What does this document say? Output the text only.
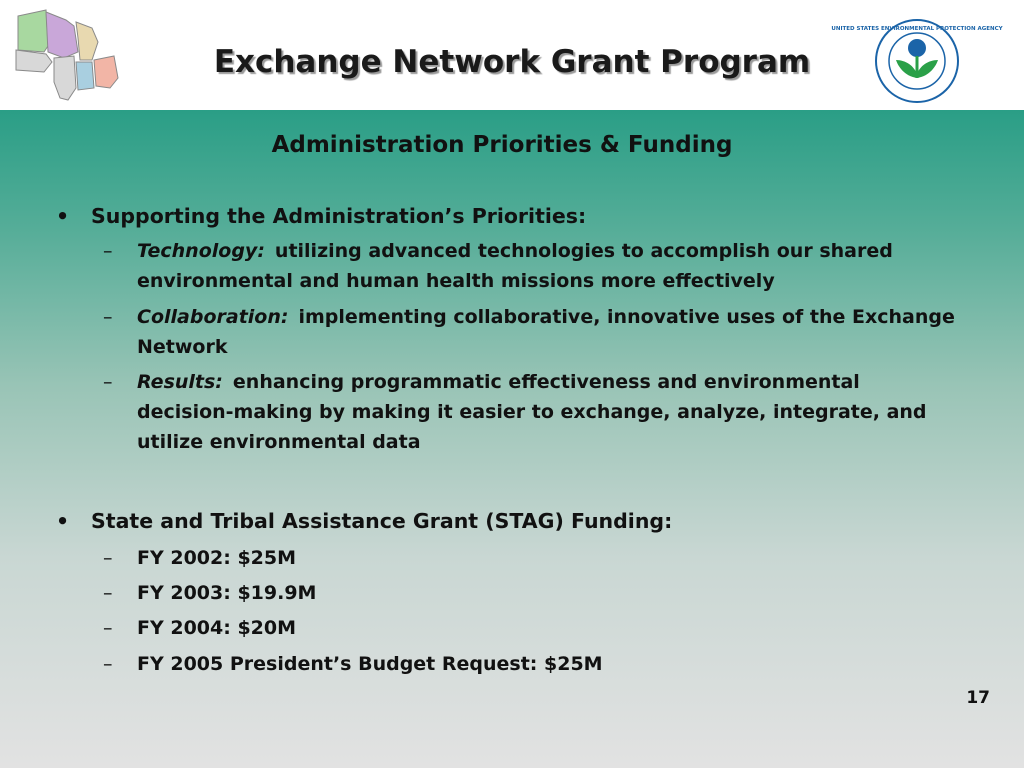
Exchange Network Grant Program
UNITED STATES ENVIRONMENTAL PROTECTION AGENCY
Administration Priorities & Funding
• Supporting the Administration’s Priorities:
– Technology: utilizing advanced technologies to accomplish our shared environmental and human health missions more effectively
– Collaboration: implementing collaborative, innovative uses of the Exchange Network
– Results: enhancing programmatic effectiveness and environmental decision-making by making it easier to exchange, analyze, integrate, and utilize environmental data
• State and Tribal Assistance Grant (STAG) Funding:
– FY 2002: $25M
– FY 2003: $19.9M
– FY 2004: $20M
– FY 2005 President’s Budget Request: $25M
17
